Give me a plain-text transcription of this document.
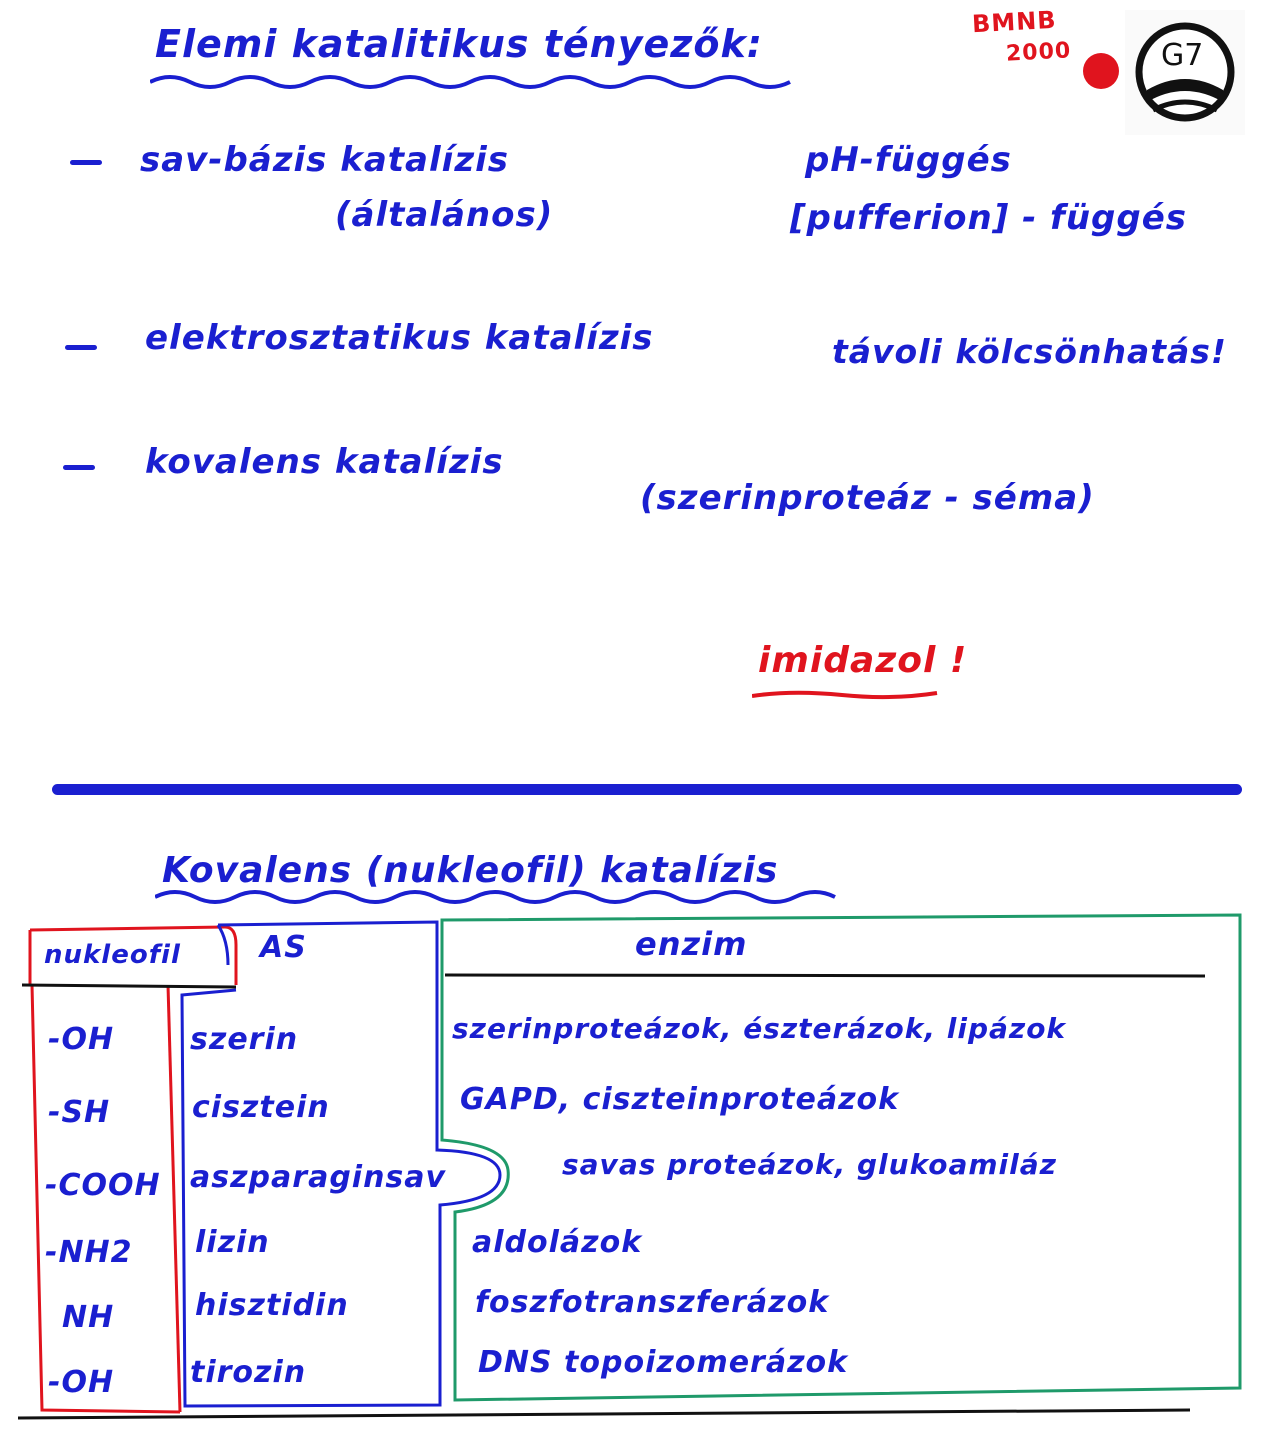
BMNB
2000	G7
Elemi katalitikus tényezők:
sav-bázis katalízis
(általános)
pH-függés
[pufferion] - függés
elektrosztatikus katalízis	távoli kölcsönhatás!
kovalens katalízis
(szerinproteáz - séma)
imidazol !
Kovalens (nukleofil) katalízis
nukleofil	AS	enzim
-OH	szerin	szerinproteázok, észterázok, lipázok
-SH	cisztein	GAPD, ciszteinproteázok
-COOH aszparaginsav	savas proteázok, glukoamiláz
-NH2 lizin	aldolázok
NH	hisztidin	foszfotranszferázok
-OH	tirozin	DNS topoizomerázok
